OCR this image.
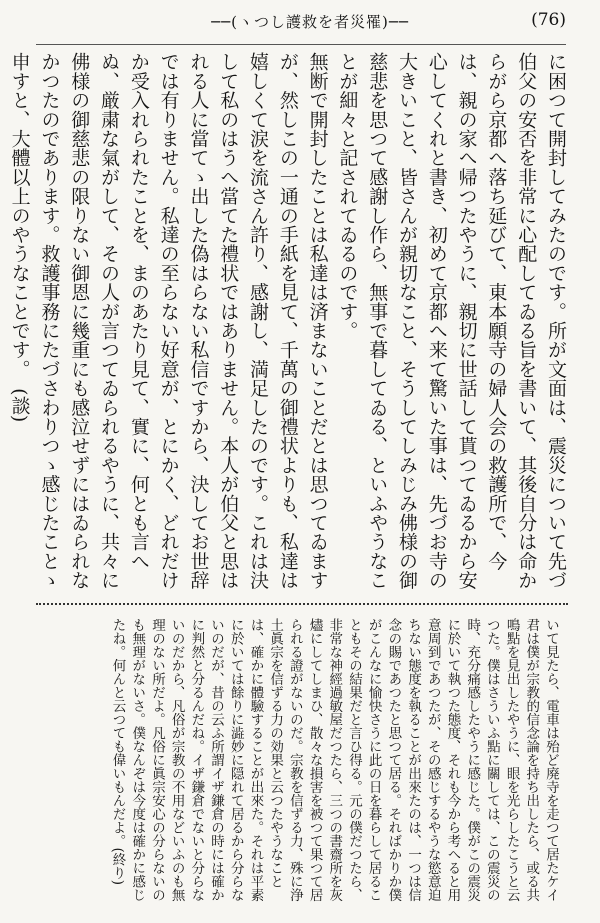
──(ヽつし護救を者災罹)──	(76)

に困つて開封してみたのです。所が文面は、震災について先づ伯父の安否を非常に心配してゐる旨を書いて、其後自分は命からがら京都へ落ち延びて、東本願寺の婦人会の救護所で、今は、親の家へ帰つたやうに、親切に世話して貰つてゐるから安心してくれと書き、初めて京都へ来て驚いた事は、先づお寺の大きいこと、皆さんが親切なこと、そうしてしみじみ佛様の御慈悲を思つて感謝し作ら、無事で暮してゐる、といふやうなことが細々と記されてゐるのです。

無断で開封したことは私達は済まないことだとは思つてゐますが、然しこの一通の手紙を見て、千萬の御禮状よりも、私達は嬉しくて涙を流さん許り、感謝し、満足したのです。これは決して私のはうへ當てた禮状ではありません。本人が伯父と思はれる人に當てゝ出した偽はらない私信ですから、決してお世辞では有りません。私達の至らない好意が、とにかく、どれだけか受入れられたことを、まのあたり見て、實に、何とも言へぬ、厳粛な氣がして、その人が言つてゐられるやうに、共々に佛様の御慈悲の限りない御恩に幾重にも感泣せずにはゐられなかつたのであります。救護事務にたづさわりつゝ感じたことゝ申すと、大體以上のやうなことです。　(談)

いて見たら、電車は殆ど廃寺を走つて居たケイ君は僕が宗教的信念論を持ち出したら、或る共鳴點を見出したやうに、眼を光らしたこうと云つた。僕はさういふ點に關しては、この震災の時、充分痛感したやうに感じた。僕がこの震災に於いて執つた態度、それも今から考へると用意周到であつたが、その感じするやうな慾意迫ちない態度を執ることが出來たのは、一つは信念の賜であつたと思つて居る。そればかりか僕がこんなに愉快さうに此の日を暮らして居ることもその結果だと言ひ得る。元の僕だつたら、非常な神經過敏屋だつたら、三つの書齋所を灰燼にしてしまひ、散々な損害を被つて果つて居られる證がないのだ。宗教を信ずる力、殊に浄土眞宗を信ずる力の効果と云つたやうなことは、確かに體驗することが出來た。それは平素に於いては餘りに澁妙に隠れて居るから分らないのだが、昔の云ふ所謂イザ鎌倉の時には確かに判然と分るんだね。イザ鎌倉でないと分らないのだから、凡俗が宗教の不用などいふのも無理のない所だよ。凡俗に眞宗安心の分らないのも無理がないさ。僕なんぞは今度は確かに感じたね。何んと云つても偉いもんだよ。(終り)
